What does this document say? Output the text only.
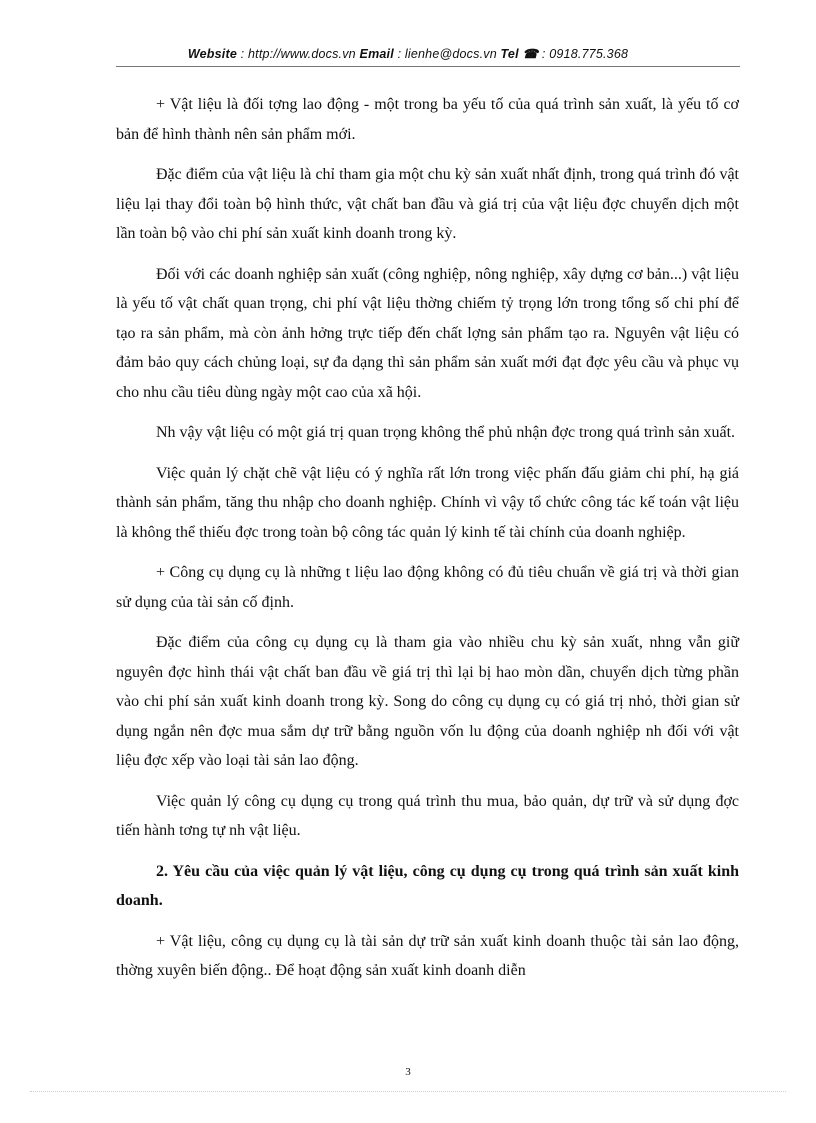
Website : http://www.docs.vn Email : lienhe@docs.vn Tel ☎ : 0918.775.368

+ Vật liệu là đối tợng lao động - một trong ba yếu tố của quá trình sản xuất, là yếu tố cơ bản để hình thành nên sản phẩm mới.

Đặc điểm của vật liệu là chỉ tham gia một chu kỳ sản xuất nhất định, trong quá trình đó vật liệu lại thay đổi toàn bộ hình thức, vật chất ban đầu và giá trị của vật liệu đợc chuyển dịch một lần toàn bộ vào chi phí sản xuất kinh doanh trong kỳ.

Đối với các doanh nghiệp sản xuất (công nghiệp, nông nghiệp, xây dựng cơ bản...) vật liệu là yếu tố vật chất quan trọng, chi phí vật liệu thờng chiếm tỷ trọng lớn trong tổng số chi phí để tạo ra sản phẩm, mà còn ảnh hởng trực tiếp đến chất lợng sản phẩm tạo ra. Nguyên vật liệu có đảm bảo quy cách chủng loại, sự đa dạng thì sản phẩm sản xuất mới đạt đợc yêu cầu và phục vụ cho nhu cầu tiêu dùng ngày một cao của xã hội.

Nh vậy vật liệu có một giá trị quan trọng không thể phủ nhận đợc trong quá trình sản xuất.

Việc quản lý chặt chẽ vật liệu có ý nghĩa rất lớn trong việc phấn đấu giảm chi phí, hạ giá thành sản phẩm, tăng thu nhập cho doanh nghiệp. Chính vì vậy tổ chức công tác kế toán vật liệu là không thể thiếu đợc trong toàn bộ công tác quản lý kinh tế tài chính của doanh nghiệp.

+ Công cụ dụng cụ là những t liệu lao động không có đủ tiêu chuẩn về giá trị và thời gian sử dụng của tài sản cố định.

Đặc điểm của công cụ dụng cụ là tham gia vào nhiều chu kỳ sản xuất, nhng vẫn giữ nguyên đợc hình thái vật chất ban đầu về giá trị thì lại bị hao mòn dần, chuyển dịch từng phần vào chi phí sản xuất kinh doanh trong kỳ. Song do công cụ dụng cụ có giá trị nhỏ, thời gian sử dụng ngắn nên đợc mua sắm dự trữ bằng nguồn vốn lu động của doanh nghiệp nh đối với vật liệu đợc xếp vào loại tài sản lao động.

Việc quản lý công cụ dụng cụ trong quá trình thu mua, bảo quản, dự trữ và sử dụng đợc tiến hành tơng tự nh vật liệu.

2. Yêu cầu của việc quản lý vật liệu, công cụ dụng cụ trong quá trình sản xuất kinh doanh.

+ Vật liệu, công cụ dụng cụ là tài sản dự trữ sản xuất kinh doanh thuộc tài sản lao động, thờng xuyên biến động.. Để hoạt động sản xuất kinh doanh diễn

3
